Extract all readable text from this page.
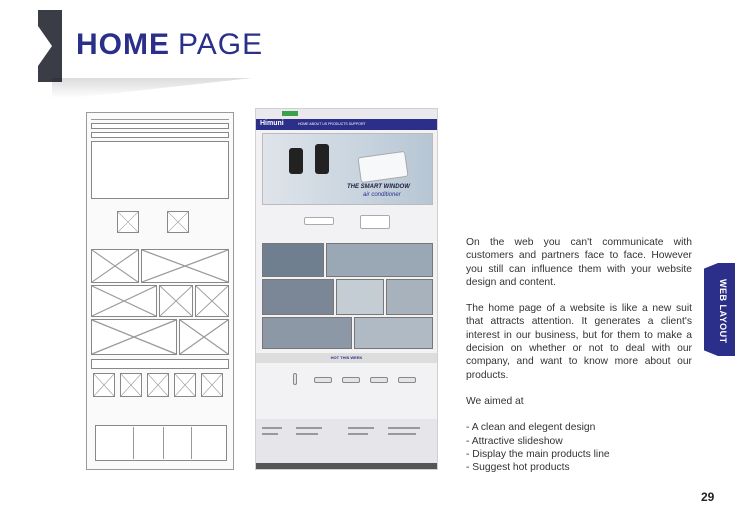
HOME PAGE
Himuni	HOME ABOUT US PRODUCTS SUPPORT
THE SMART WINDOW
air conditioner
HOT THIS WEEK

On the web you can't communicate with customers and partners face to face. However you still can influence them with your website design and content.

The home page of a website is like a new suit that attracts attention. It generates a client's interest in our business, but for them to make a decision on whether or not to deal with our company, and want to know more about our products.

We aimed at

- A clean and elegent design
- Attractive slideshow
- Display the main products line
- Suggest hot products
WEB LAYOUT
29
